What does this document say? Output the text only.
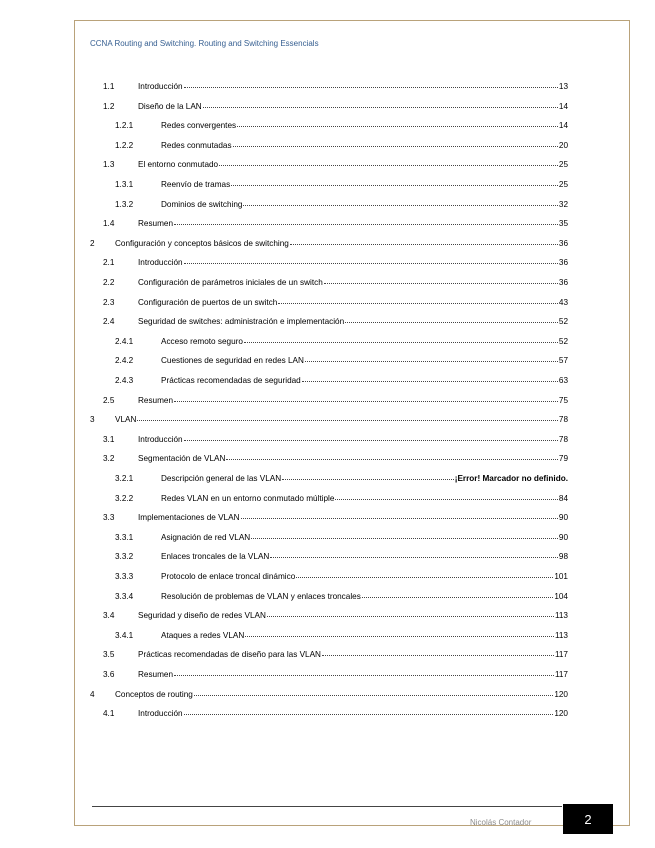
CCNA Routing and Switching. Routing and Switching Essencials
1.1	Introducción	13
1.2	Diseño de la LAN	14
1.2.1	Redes convergentes	14
1.2.2	Redes conmutadas	20
1.3	El entorno conmutado	25
1.3.1	Reenvío de tramas	25
1.3.2	Dominios de switching	32
1.4	Resumen	35
2	Configuración y conceptos básicos de switching	36
2.1	Introducción	36
2.2	Configuración de parámetros iniciales de un switch	36
2.3	Configuración de puertos de un switch	43
2.4	Seguridad de switches: administración e implementación	52
2.4.1	Acceso remoto seguro	52
2.4.2	Cuestiones de seguridad en redes LAN	57
2.4.3	Prácticas recomendadas de seguridad	63
2.5	Resumen	75
3	VLAN	78
3.1	Introducción	78
3.2	Segmentación de VLAN	79
3.2.1	Descripción general de las VLAN	¡Error! Marcador no definido.
3.2.2	Redes VLAN en un entorno conmutado múltiple	84
3.3	Implementaciones de VLAN	90
3.3.1	Asignación de red VLAN	90
3.3.2	Enlaces troncales de la VLAN	98
3.3.3	Protocolo de enlace troncal dinámico	101
3.3.4	Resolución de problemas de VLAN y enlaces troncales	104
3.4	Seguridad y diseño de redes VLAN	113
3.4.1	Ataques a redes VLAN	113
3.5	Prácticas recomendadas de diseño para las VLAN	117
3.6	Resumen	117
4	Conceptos de routing	120
4.1	Introducción	120
Nicolás Contador	2
